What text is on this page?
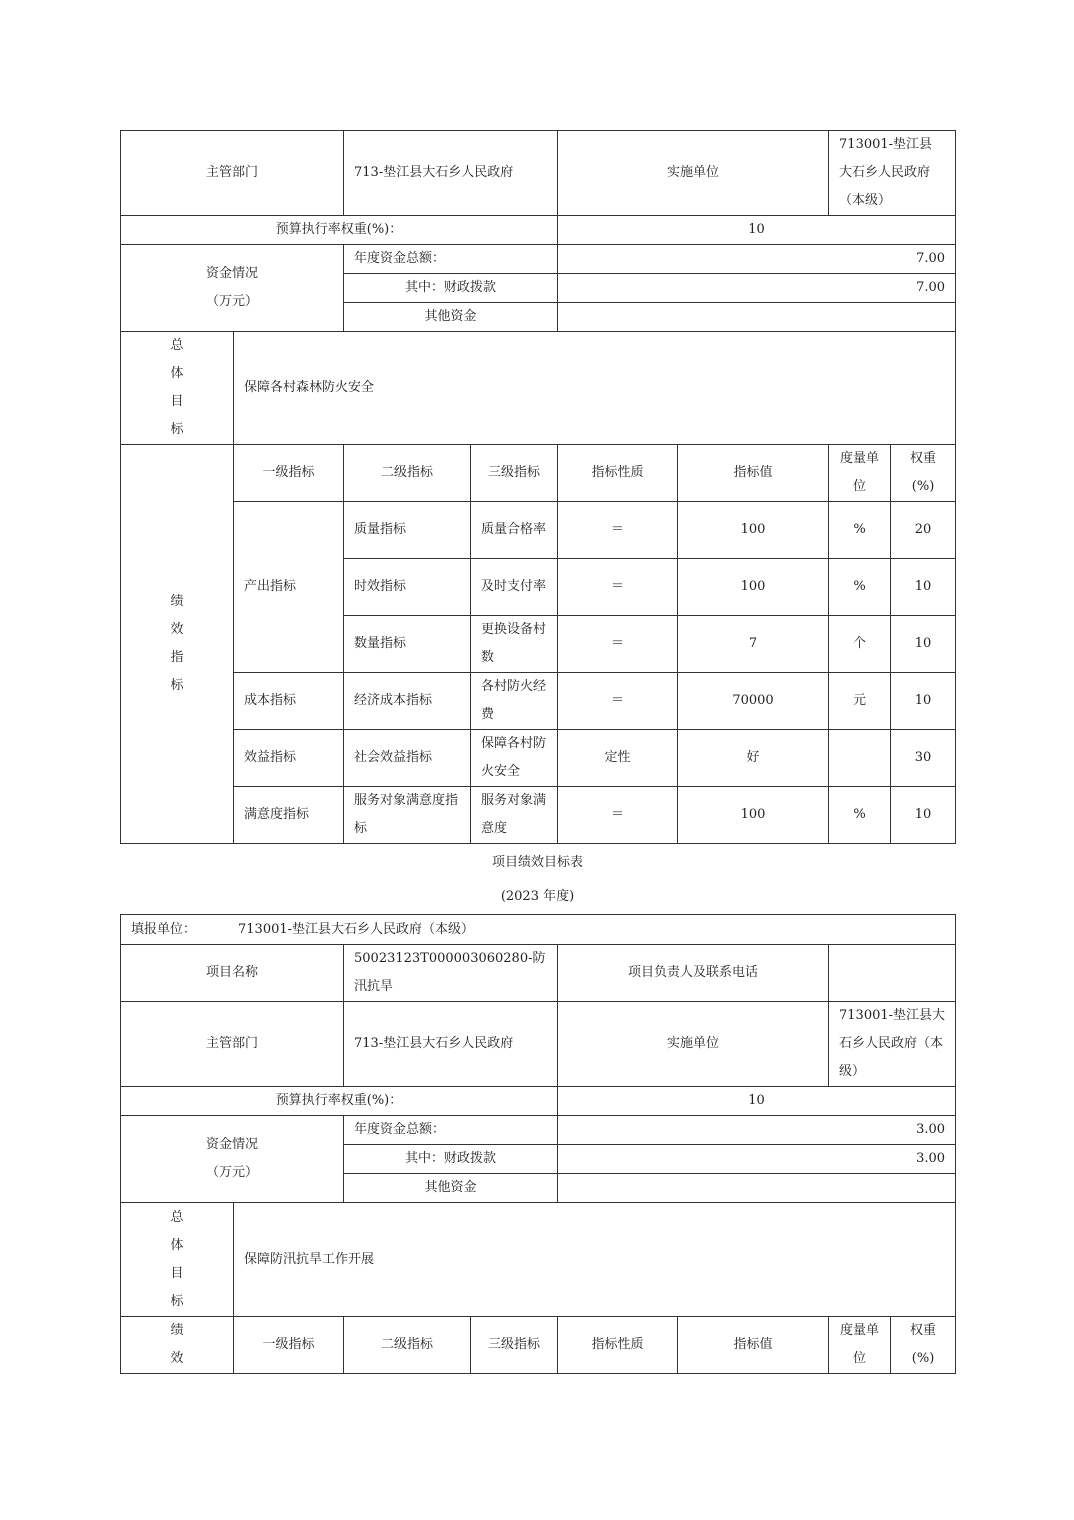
主管部门		713-垫江县大石乡人民政府		实施单位		713001-垫江县大石乡人民政府（本级）	
预算执行率权重(%)：				10			

资金情况
（万元）		年度资金总额：		7.00			
		其中：财政拨款		7.00			
		其他资金					

总
体
目
标	保障各村森林防火安全						

绩
效
指
标	一级指标	二级指标	三级指标	指标性质	指标值	度量单位	权重(%)
	产出指标	质量指标	质量合格率	＝	100	%	20
		时效指标	及时支付率	＝	100	%	10
		数量指标	更换设备村数	＝	7	个	10
	成本指标	经济成本指标	各村防火经费	＝	70000	元	10
	效益指标	社会效益指标	保障各村防火安全	定性	好		30
	满意度指标	服务对象满意度指标	服务对象满意度	＝	100	%	10
项目绩效目标表
(2023 年度)
填报单位： 713001-垫江县大石乡人民政府（本级）							
项目名称		50023123T000003060280-防汛抗旱		项目负责人及联系电话			
主管部门		713-垫江县大石乡人民政府		实施单位		713001-垫江县大石乡人民政府（本级）	
预算执行率权重(%)：				10			

资金情况
（万元）		年度资金总额：		3.00			
		其中：财政拨款		3.00			
		其他资金					

总
体
目
标	保障防汛抗旱工作开展						

绩
效	一级指标	二级指标	三级指标	指标性质	指标值	度量单位	权重(%)
